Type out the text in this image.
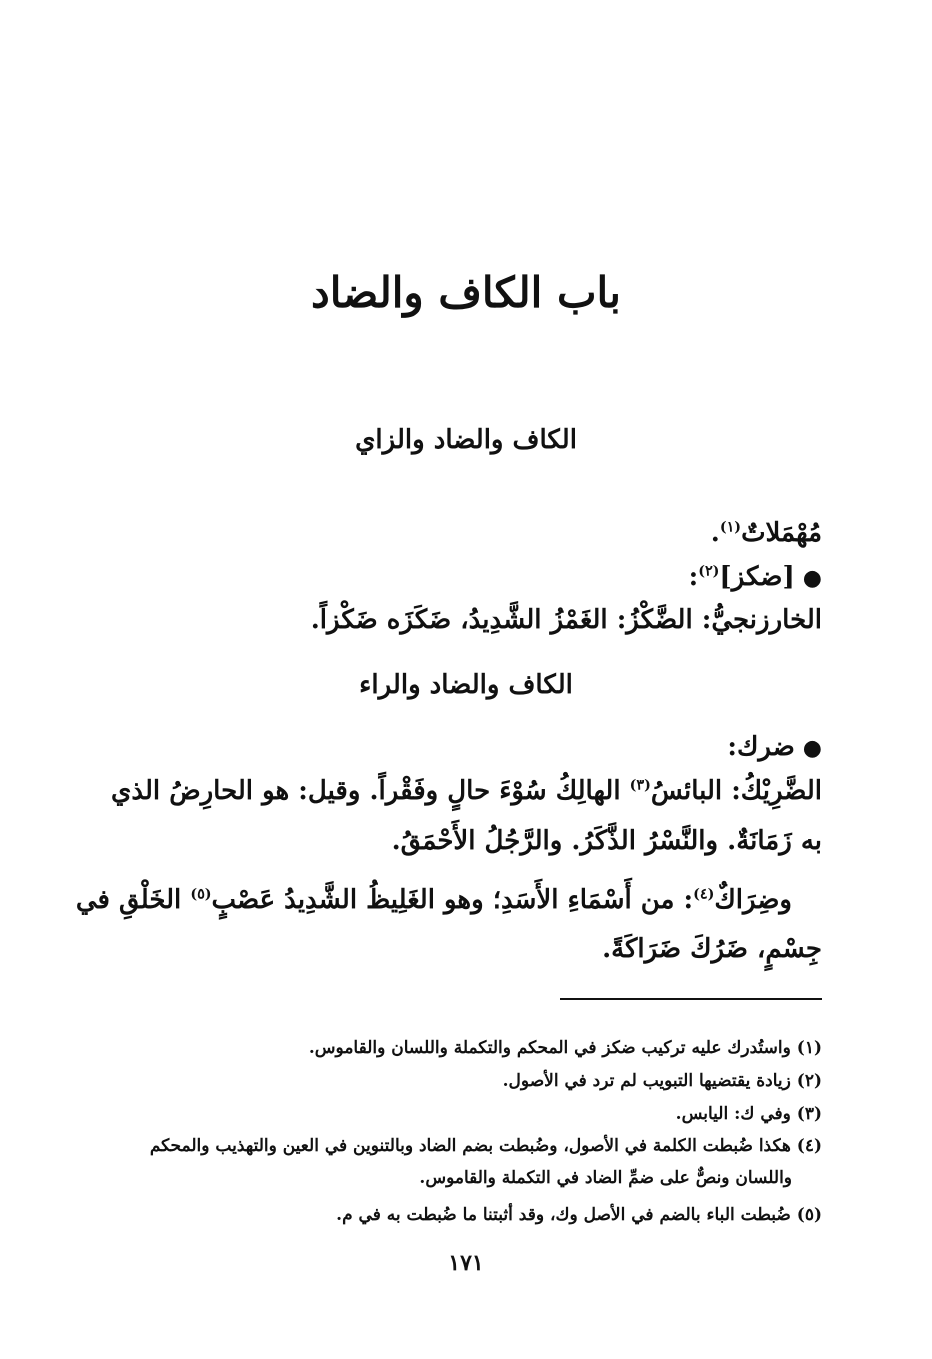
باب الكاف والضاد
الكاف والضاد والزاي
مُهْمَلاتٌ$^{(١)}$.
●[ضكز]$^{(٢)}$:
الخارزنجيُّ: الضَّكْزُ: الغَمْزُ الشَّدِيدُ، ضَكَزَه ضَكْزاً.
الكاف والضاد والراء
●ضرك:
الضَّرِيْكُ: البائسُ$^{(٣)}$ الهالِكُ سُوْءَ حالٍ وفَقْراً. وقيل: هو الحارِضُ الذي
به زَمَانَةٌ. والنَّسْرُ الذَّكَرُ. والرَّجُلُ الأَحْمَقُ.
وضِرَاكٌ$^{(٤)}$: من أَسْمَاءِ الأَسَدِ؛ وهو الغَلِيظُ الشَّدِيدُ عَصْبٍ$^{(٥)}$ الخَلْقِ في
جِسْمٍ، ضَرُكَ ضَرَاكَةً.
(١) واستُدرك عليه تركيب ضكز في المحكم والتكملة واللسان والقاموس.
(٢) زيادة يقتضيها التبويب لم ترد في الأصول.
(٣) وفي ك: اليابس.
(٤) هكذا ضُبطت الكلمة في الأصول، وضُبطت بضم الضاد وبالتنوين في العين والتهذيب والمحكم
واللسان ونصٌّ على ضمِّ الضاد في التكملة والقاموس.
(٥) ضُبطت الباء بالضم في الأصل وك، وقد أثبتنا ما ضُبطت به في م.
١٧١
